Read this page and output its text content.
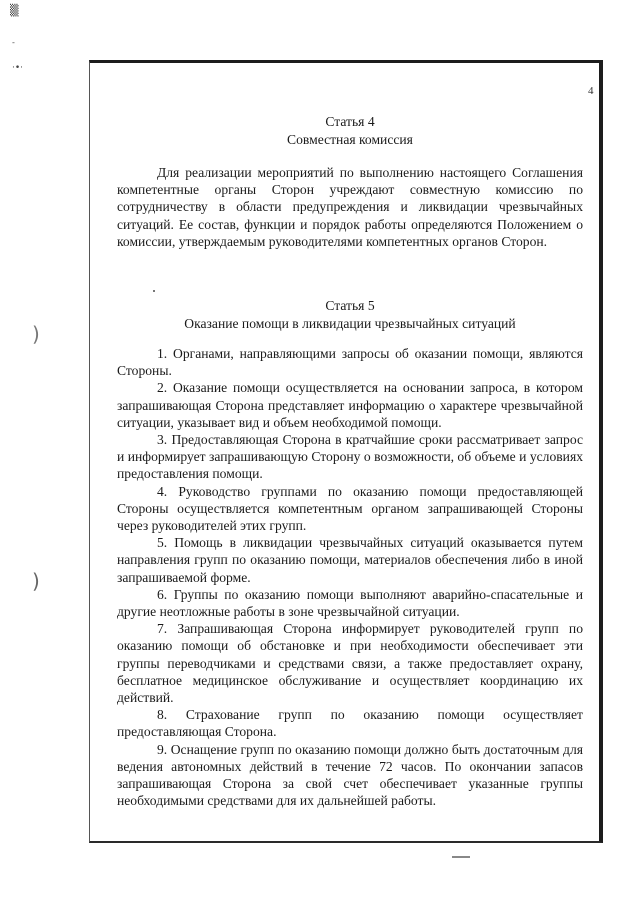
▒
-
·•·
)
)
4
Статья 4
Совместная комиссия
Для реализации мероприятий по выполнению настоящего Соглашения компетентные органы Сторон учреждают совместную комиссию по сотрудничеству в области предупреждения и ликвидации чрезвычайных ситуаций. Ее состав, функции и порядок работы определяются Положением о комиссии, утверждаемым руководителями компетентных органов Сторон.
Статья 5
Оказание помощи в ликвидации чрезвычайных ситуаций

1. Органами, направляющими запросы об оказании помощи, являются Стороны.

2. Оказание помощи осуществляется на основании запроса, в котором запрашивающая Сторона представляет информацию о характере чрезвычайной ситуации, указывает вид и объем необходимой помощи.

3. Предоставляющая Сторона в кратчайшие сроки рассматривает запрос и информирует запрашивающую Сторону о возможности, об объеме и условиях предоставления помощи.

4. Руководство группами по оказанию помощи предоставляющей Стороны осуществляется компетентным органом запрашивающей Стороны через руководителей этих групп.

5. Помощь в ликвидации чрезвычайных ситуаций оказывается путем направления групп по оказанию помощи, материалов обеспечения либо в иной запрашиваемой форме.

6. Группы по оказанию помощи выполняют аварийно-спасательные и другие неотложные работы в зоне чрезвычайной ситуации.

7. Запрашивающая Сторона информирует руководителей групп по оказанию помощи об обстановке и при необходимости обеспечивает эти группы переводчиками и средствами связи, а также предоставляет охрану, бесплатное медицинское обслуживание и осуществляет координацию их действий.

8. Страхование групп по оказанию помощи осуществляет предоставляющая Сторона.

9. Оснащение групп по оказанию помощи должно быть достаточным для ведения автономных действий в течение 72 часов. По окончании запасов запрашивающая Сторона за свой счет обеспечивает указанные группы необходимыми средствами для их дальнейшей работы.
